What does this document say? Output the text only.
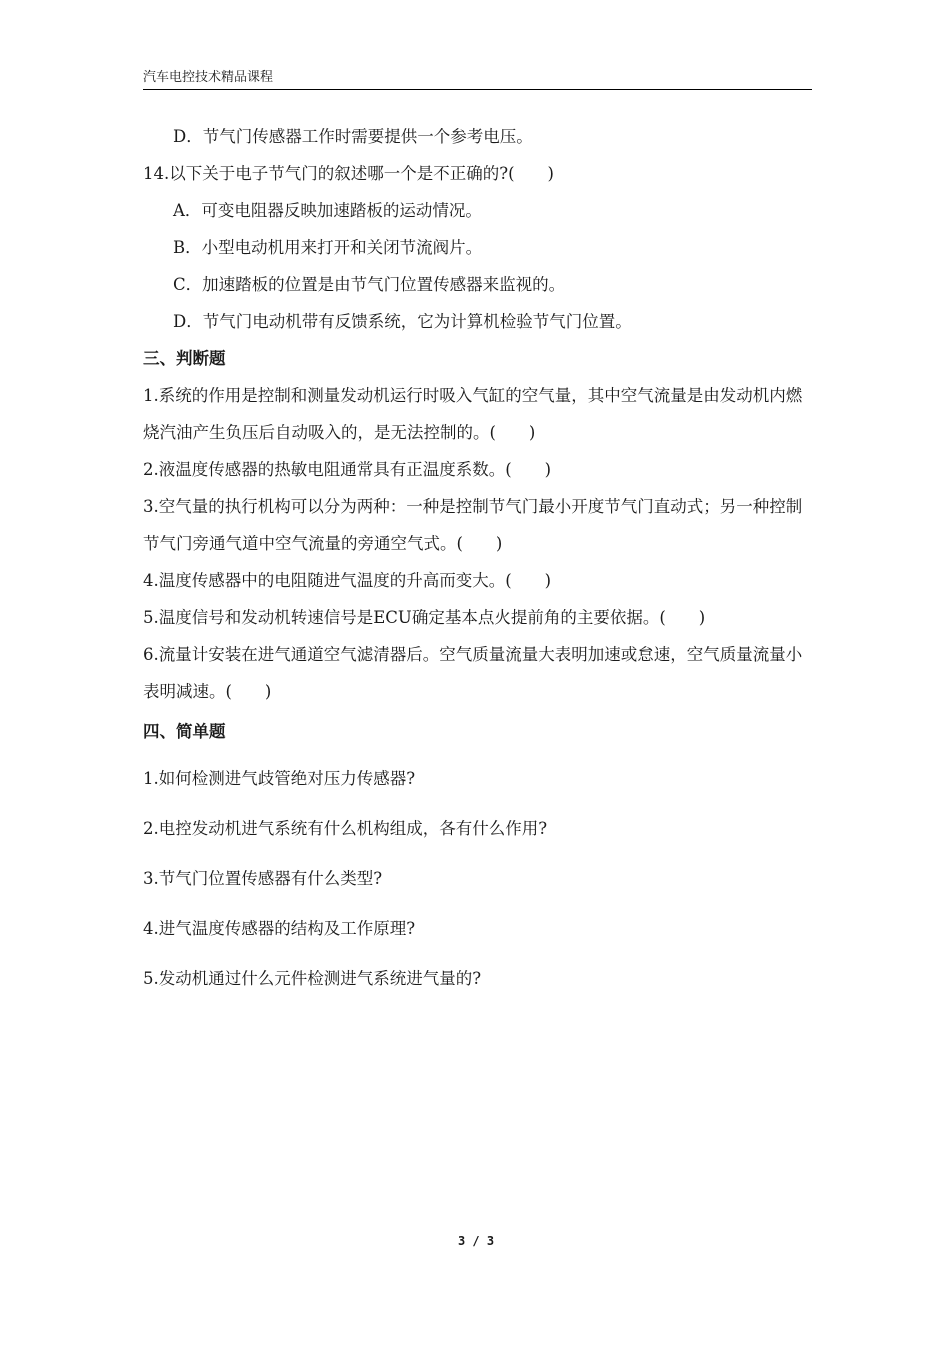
汽车电控技术精品课程
D．节气门传感器工作时需要提供一个参考电压。
14.以下关于电子节气门的叙述哪一个是不正确的?(　　)
A．可变电阻器反映加速踏板的运动情况。
B．小型电动机用来打开和关闭节流阀片。
C．加速踏板的位置是由节气门位置传感器来监视的。
D．节气门电动机带有反馈系统，它为计算机检验节气门位置。
三、判断题
1.系统的作用是控制和测量发动机运行时吸入气缸的空气量，其中空气流量是由发动机内燃烧汽油产生负压后自动吸入的，是无法控制的。(　　)
2.液温度传感器的热敏电阻通常具有正温度系数。(　　)
3.空气量的执行机构可以分为两种：一种是控制节气门最小开度节气门直动式；另一种控制节气门旁通气道中空气流量的旁通空气式。(　　)
4.温度传感器中的电阻随进气温度的升高而变大。(　　)
5.温度信号和发动机转速信号是ECU确定基本点火提前角的主要依据。(　　)
6.流量计安装在进气通道空气滤清器后。空气质量流量大表明加速或怠速，空气质量流量小表明减速。(　　)
四、简单题
1.如何检测进气歧管绝对压力传感器?
2.电控发动机进气系统有什么机构组成，各有什么作用?
3.节气门位置传感器有什么类型?
4.进气温度传感器的结构及工作原理?
5.发动机通过什么元件检测进气系统进气量的?
3 / 3
